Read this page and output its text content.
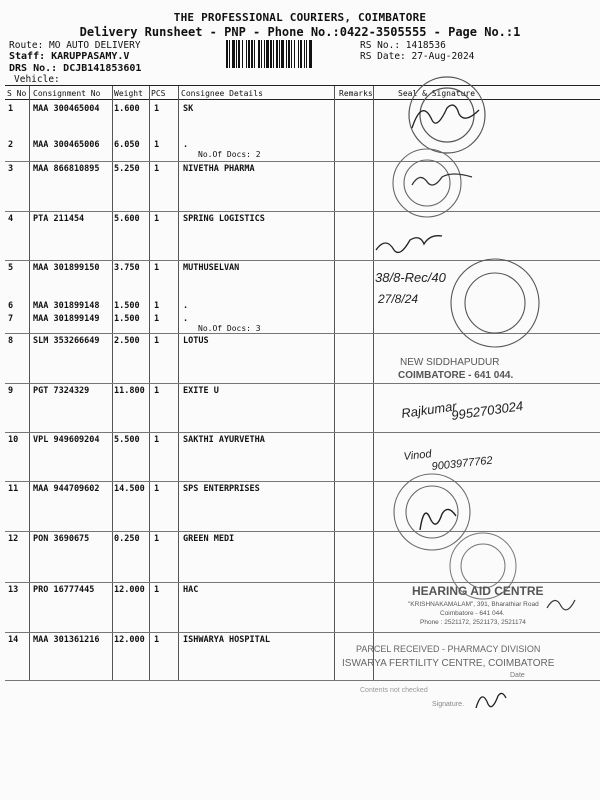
THE PROFESSIONAL COURIERS, COIMBATORE
Delivery Runsheet - PNP - Phone No.:0422-3505555 - Page No.:1
Route: MO AUTO DELIVERY
Staff: KARUPPASAMY.V
DRS No.: DCJB141853601
Vehicle:
RS No.: 1418536
RS Date: 27-Aug-2024
S No Consignment No Weight PCS Consignee Details	Remarks	Seal & Signature
1 MAA 300465004 1.600 1	SK
2 MAA 300465006 6.050 1	.
No.Of Docs: 2
3 MAA 866810895 5.250 1	NIVETHA PHARMA
4 PTA 211454	5.600 1	SPRING LOGISTICS
5 MAA 301899150 3.750 1	MUTHUSELVAN
6 MAA 301899148 1.500 1	.
7 MAA 301899149 1.500 1	.
No.Of Docs: 3
8 SLM 353266649 2.500 1	LOTUS
9 PGT 7324329	11.800 1	EXITE U
10 VPL 949609204 5.500 1	SAKTHI AYURVETHA
11 MAA 944709602 14.500 1	SPS ENTERPRISES
12 PON 3690675	0.250 1	GREEN MEDI
13 PRO 16777445 12.000 1	HAC
14 MAA 301361216 12.000 1	ISHWARYA HOSPITAL
38/8-Rec/40
27/8/24
NEW SIDDHAPUDUR
COIMBATORE - 641 044.
Rajkumar
9952703024
Vinod
9003977762
HEARING AID CENTRE
"KRISHNAKAMALAM", 391, Bharathiar Road
Coimbatore - 641 044.
Phone : 2521172, 2521173, 2521174
PARCEL RECEIVED - PHARMACY DIVISION
ISWARYA FERTILITY CENTRE, COIMBATORE
Date
Contents not checked
Signature.
